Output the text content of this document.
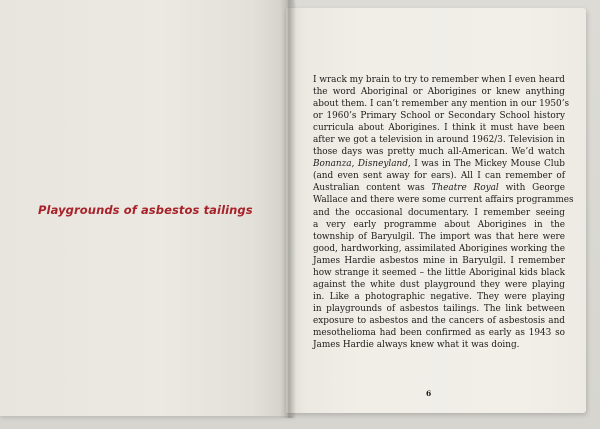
Playgrounds of asbestos tailings
I wrack my brain to try to remember when I even heard
the word Aboriginal or Aborigines or knew anything
about them. I can’t remember any mention in our 1950’s
or 1960’s Primary School or Secondary School history
curricula about Aborigines. I think it must have been
after we got a television in around 1962/3. Television in
those days was pretty much all-American. We’d watch
Bonanza, Disneyland, I was in The Mickey Mouse Club
(and even sent away for ears). All I can remember of
Australian content was Theatre Royal with George
Wallace and there were some current affairs programmes
and the occasional documentary. I remember seeing
a very early programme about Aborigines in the
township of Baryulgil. The import was that here were
good, hardworking, assimilated Aborigines working the
James Hardie asbestos mine in Baryulgil. I remember
how strange it seemed – the little Aboriginal kids black
against the white dust playground they were playing
in. Like a photographic negative. They were playing
in playgrounds of asbestos tailings. The link between
exposure to asbestos and the cancers of asbestosis and
mesothelioma had been confirmed as early as 1943 so
James Hardie always knew what it was doing.
6
